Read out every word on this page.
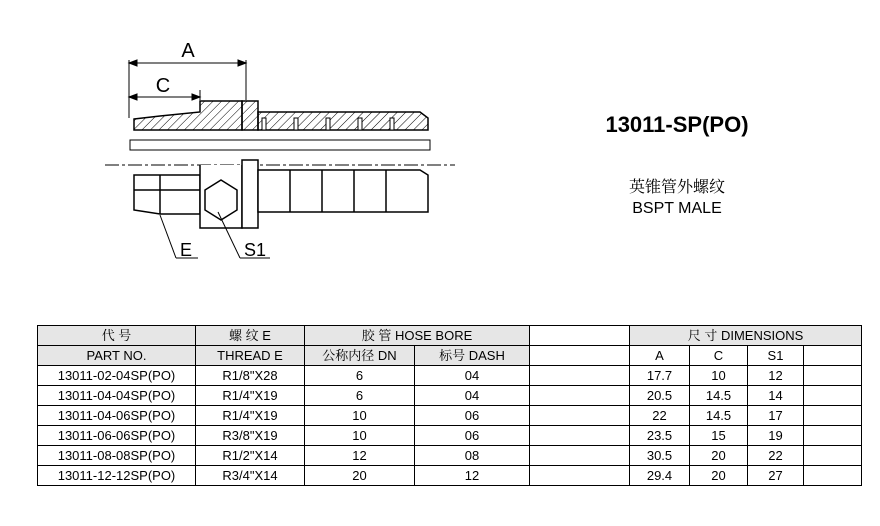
A
C
E	S1
13011-SP(PO)
英锥管外螺纹
BSPT MALE
代 号	螺 纹 E	胶 管 HOSE BORE			尺 寸 DIMENSIONS			
PART NO.	THREAD E	公称内径 DN	标号 DASH		A	C	S1	
13011-02-04SP(PO)	R1/8"X28	6	04		17.7	10	12	
13011-04-04SP(PO)	R1/4"X19	6	04		20.5	14.5	14	
13011-04-06SP(PO)	R1/4"X19	10	06		22	14.5	17	
13011-06-06SP(PO)	R3/8"X19	10	06		23.5	15	19	
13011-08-08SP(PO)	R1/2"X14	12	08		30.5	20	22	
13011-12-12SP(PO)	R3/4"X14	20	12		29.4	20	27	
